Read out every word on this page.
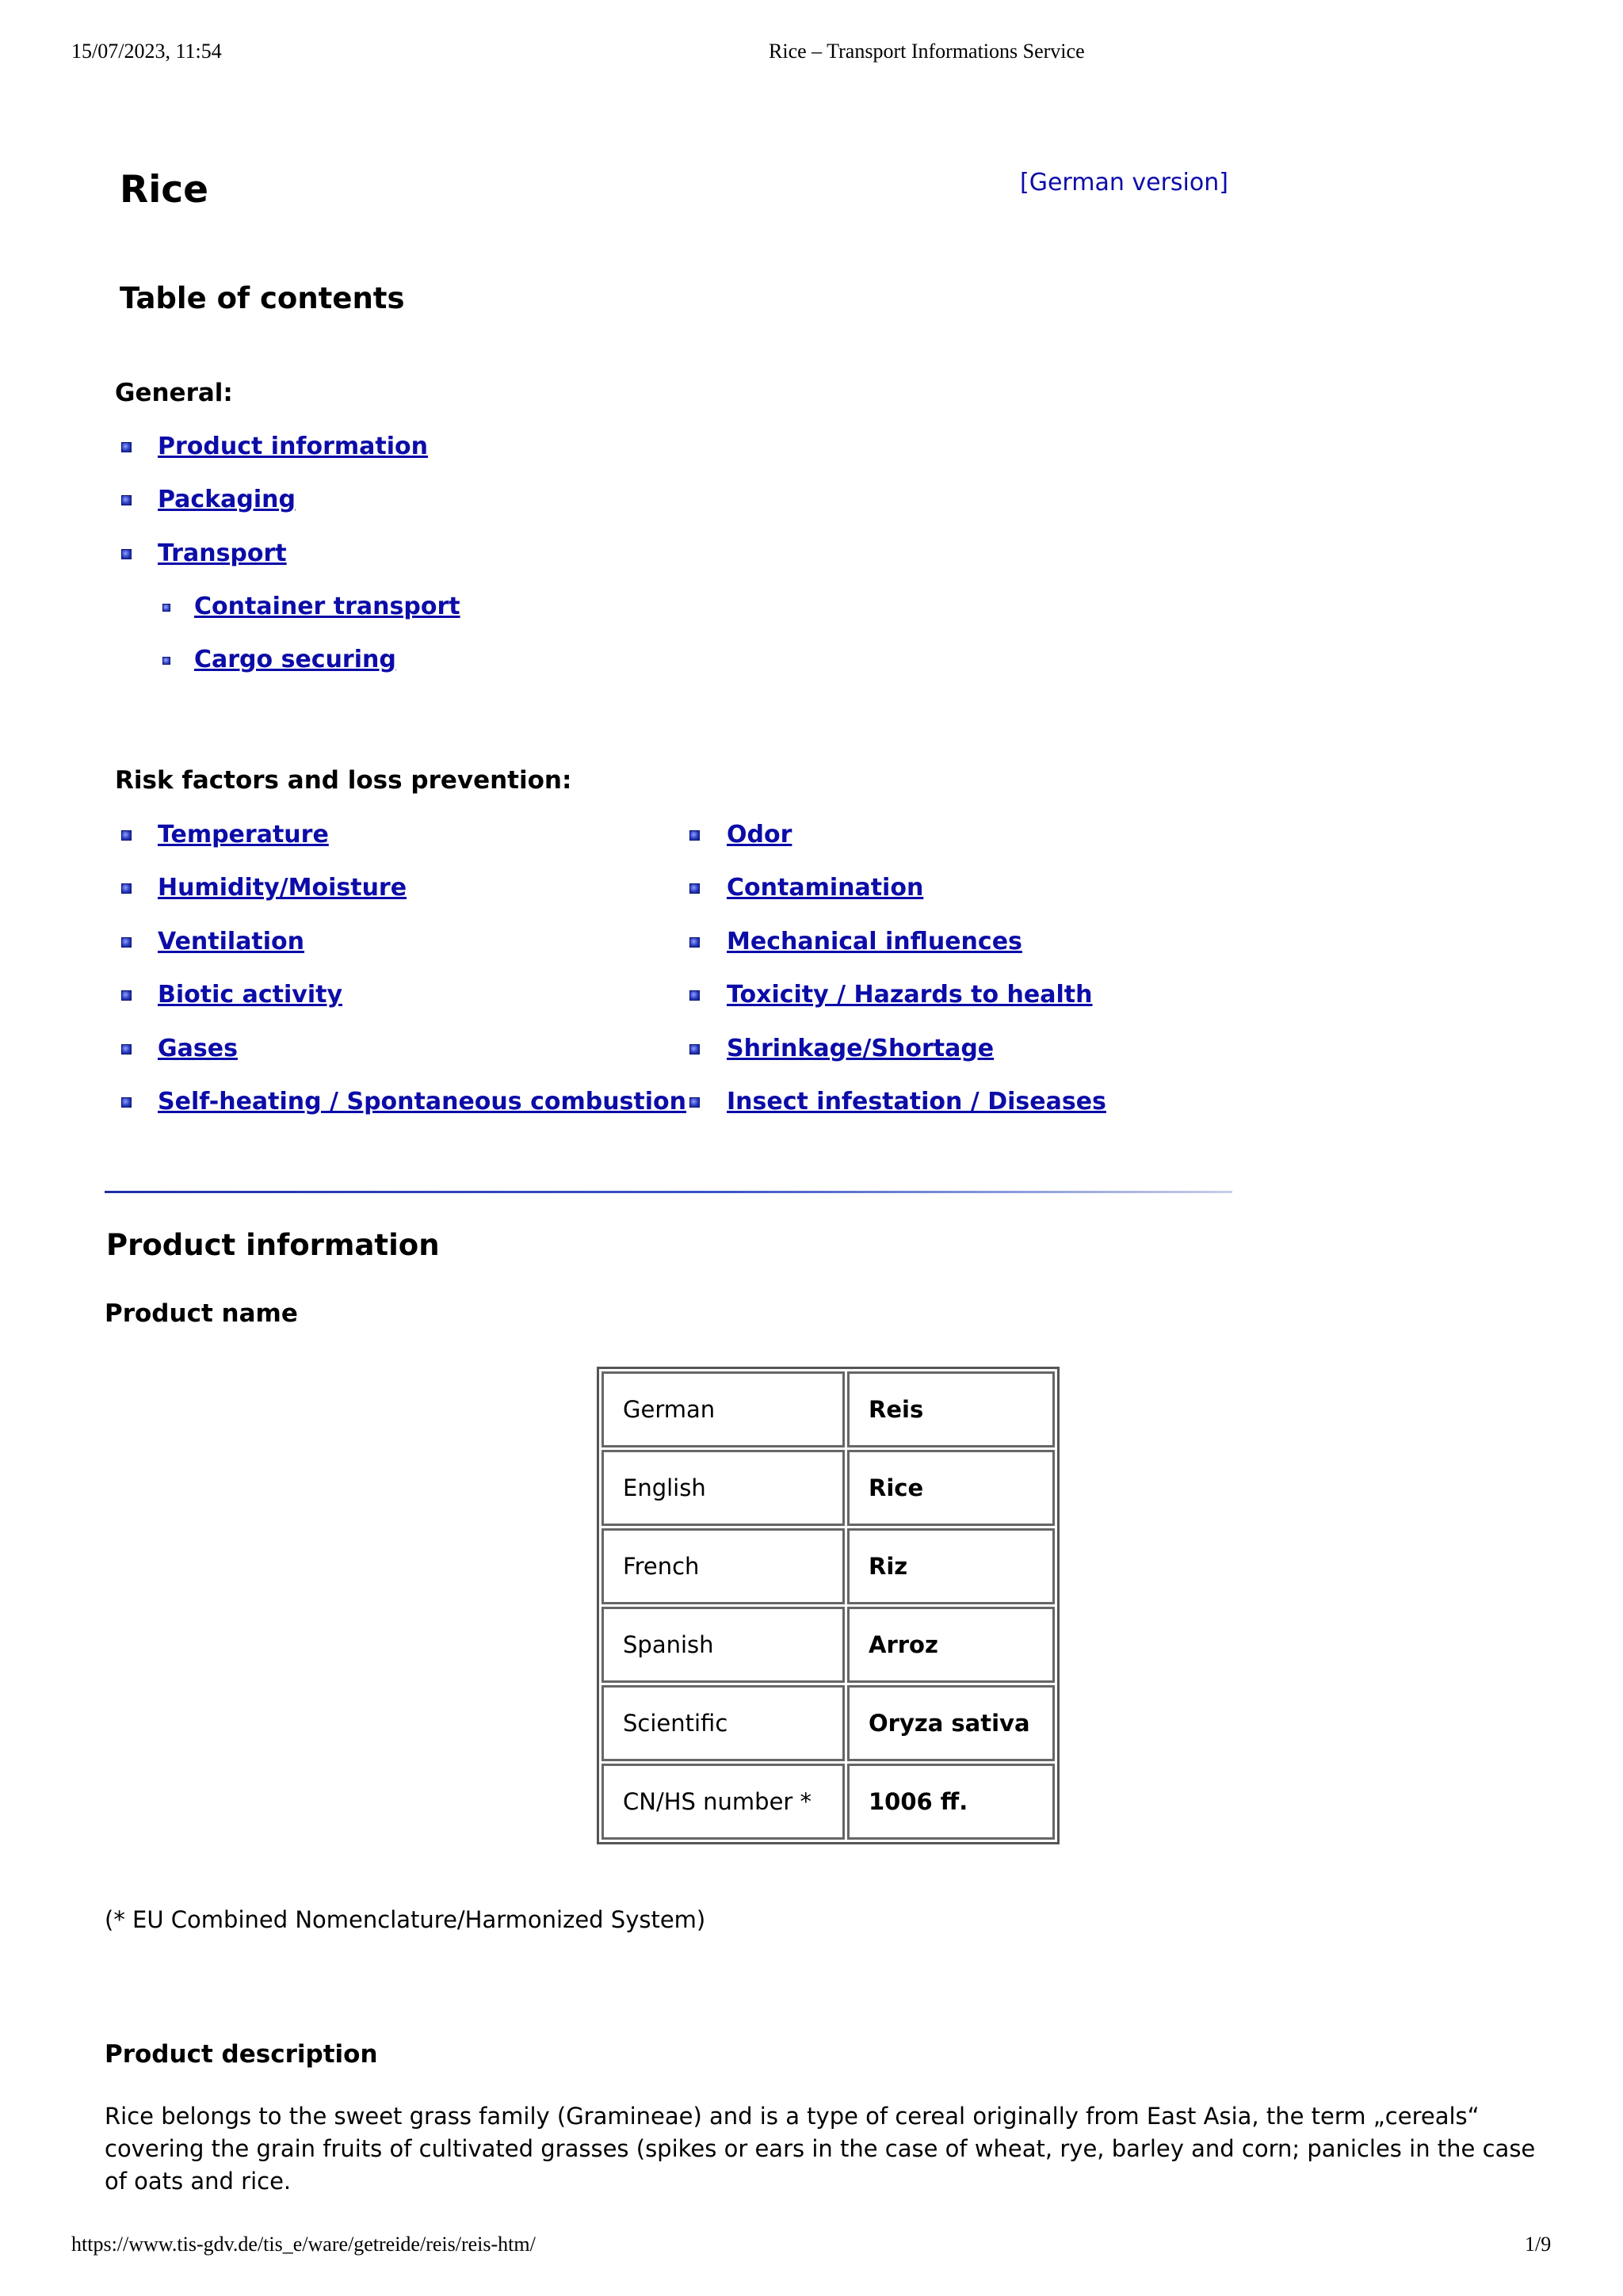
15/07/2023, 11:54	Rice – Transport Informations Service
Rice	[German version]
Table of contents
General:
Product information
Packaging
Transport
Container transport
Cargo securing
Risk factors and loss prevention:
Temperature
Humidity/Moisture
Ventilation
Biotic activity
Gases
Self-heating / Spontaneous combustion
Odor
Contamination
Mechanical influences
Toxicity / Hazards to health
Shrinkage/Shortage
Insect infestation / Diseases
Product information
Product name
German	Reis
English	Rice
French	Riz
Spanish	Arroz
Scientific	Oryza sativa
CN/HS number *	1006 ff.
(* EU Combined Nomenclature/Harmonized System)
Product description
Rice belongs to the sweet grass family (Gramineae) and is a type of cereal originally from East Asia, the term „cereals“
covering the grain fruits of cultivated grasses (spikes or ears in the case of wheat, rye, barley and corn; panicles in the case
of oats and rice.
https://www.tis-gdv.de/tis_e/ware/getreide/reis/reis-htm/	1/9
